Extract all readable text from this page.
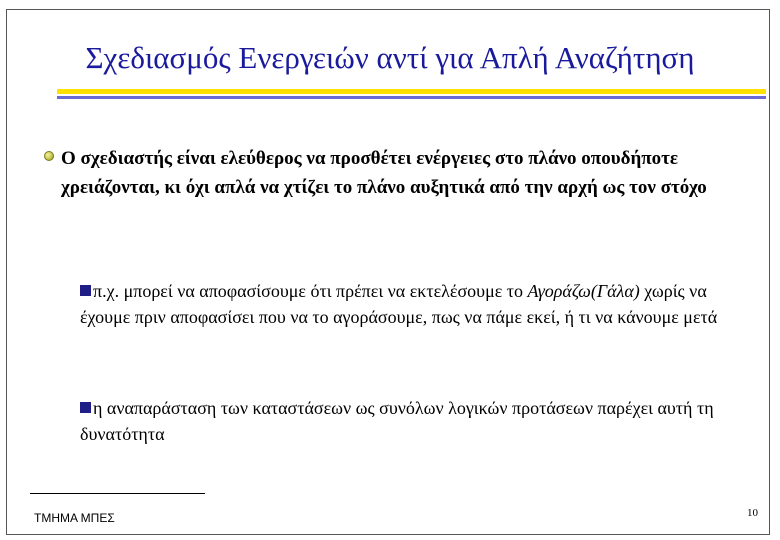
Σχεδιασμός Ενεργειών αντί για Απλή Αναζήτηση
Ο σχεδιαστής είναι ελεύθερος να προσθέτει ενέργειες στο πλάνο οπουδήποτε χρειάζονται, κι όχι απλά να χτίζει το πλάνο αυξητικά από την αρχή ως τον στόχο
π.χ. μπορεί να αποφασίσουμε ότι πρέπει να εκτελέσουμε το Αγοράζω(Γάλα) χωρίς να έχουμε πριν αποφασίσει που να το αγοράσουμε, πως να πάμε εκεί, ή τι να κάνουμε μετά
η αναπαράσταση των καταστάσεων ως συνόλων λογικών προτάσεων παρέχει αυτή τη δυνατότητα
ΤΜΗΜΑ ΜΠΕΣ	10
